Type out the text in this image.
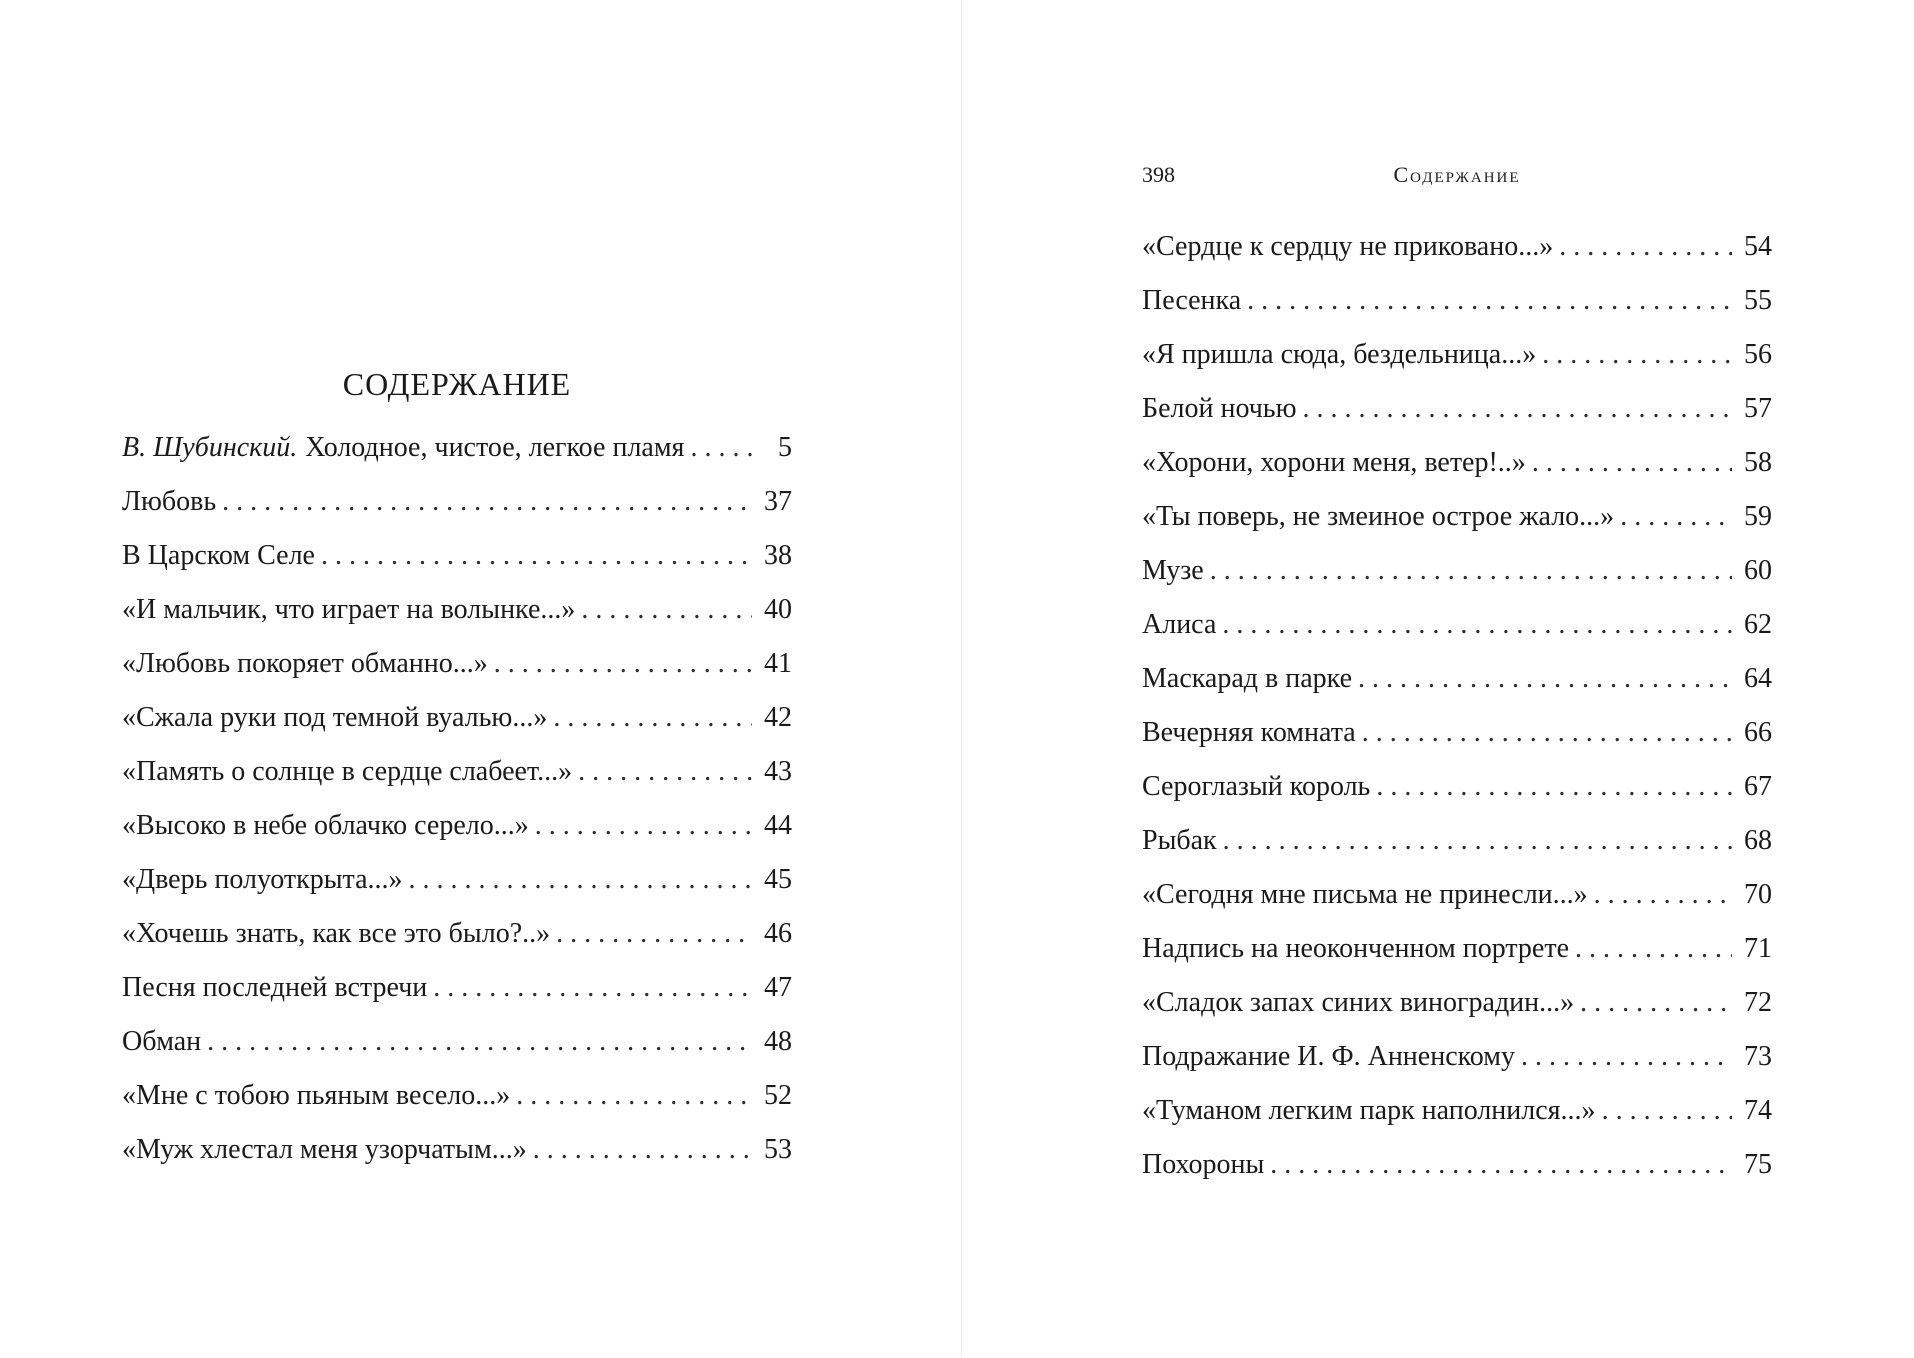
СОДЕРЖАНИЕ
В. Шубинский. Холодное, чистое, легкое пламя . . .	5
Любовь . . .	37
В Царском Селе . . .	38
«И мальчик, что играет на волынке...» . . .	40
«Любовь покоряет обманно...» . . .	41
«Сжала руки под темной вуалью...» . . .	42
«Память о солнце в сердце слабеет...» . . .	43
«Высоко в небе облачко серело...» . . .	44
«Дверь полуоткрыта...» . . .	45
«Хочешь знать, как все это было?..» . . .	46
Песня последней встречи . . .	47
Обман . . .	48
«Мне с тобою пьяным весело...» . . .	52
«Муж хлестал меня узорчатым...» . . .	53
398	Содержание
«Сердце к сердцу не приковано...» . . .	54
Песенка . . .	55
«Я пришла сюда, бездельница...» . . .	56
Белой ночью . . .	57
«Хорони, хорони меня, ветер!..» . . .	58
«Ты поверь, не змеиное острое жало...» . . .	59
Музе . . .	60
Алиса . . .	62
Маскарад в парке . . .	64
Вечерняя комната . . .	66
Сероглазый король . . .	67
Рыбак . . .	68
«Сегодня мне письма не принесли...» . . .	70
Надпись на неоконченном портрете . . .	71
«Сладок запах синих виноградин...» . . .	72
Подражание И. Ф. Анненскому . . .	73
«Туманом легким парк наполнился...» . . .	74
Похороны . . .	75
